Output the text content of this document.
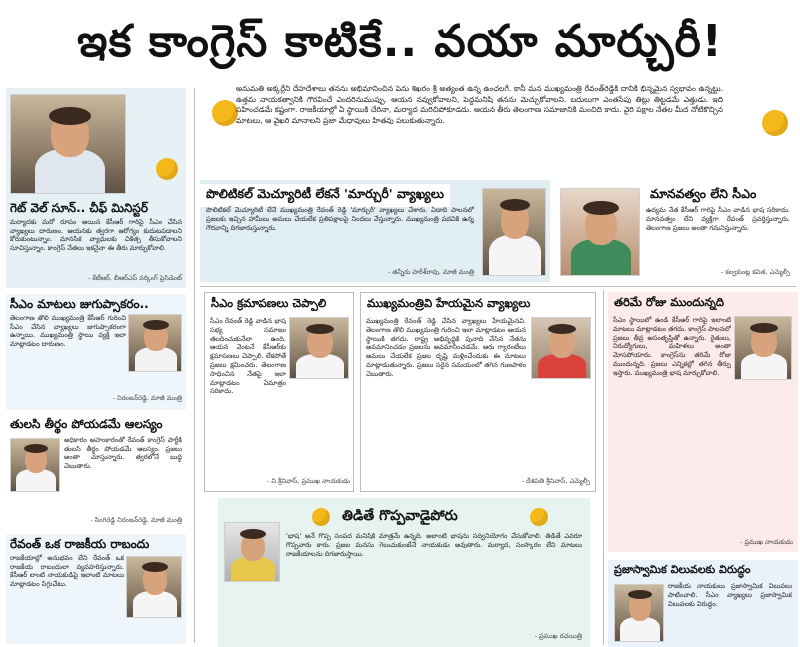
ఇక కాంగ్రెస్ కాటికే.. వయా మార్చురీ!
గెట్ వెల్ సూన్.. చీఫ్ మినిస్టర్
మర్యాదకు మరో రూపం అయిన కేసీఆర్ గారిపై సీఎం చేసిన వ్యాఖ్యలు దారుణం. ఆయనకు త్వరగా ఆరోగ్యం కుదుటపడాలని కోరుకుంటున్నాం. మానసిక వ్యాధులకు చికిత్స తీసుకోవాలని సూచిస్తున్నాం. కాంగ్రెస్ నేతలు ఇకనైనా ఈ తీరు మార్చుకోవాలి.
- కేటీఆర్, బీఆర్‌ఎస్ వర్కింగ్ ప్రెసిడెంట్
సీఎం మాటలు జుగుప్సాకరం..
తెలంగాణ తొలి ముఖ్యమంత్రి కేసీఆర్ గురించి సీఎం చేసిన వ్యాఖ్యలు జుగుప్సాకరంగా ఉన్నాయి. ముఖ్యమంత్రి స్థాయి వ్యక్తి ఇలా మాట్లాడటం దారుణం.
- నిరంజన్‌రెడ్డి, మాజీ మంత్రి
తులసి తీర్థం పోయడమే ఆలస్యం
అధికారం అహంకారంతో రేవంత్ కాంగ్రెస్ పార్టీకి తులసి తీర్థం పోయడమే ఆలస్యం. ప్రజలు అంతా చూస్తున్నారు. త్వరలోనే బుద్ధి చెబుతారు.
- సింగిరెడ్డి నిరంజన్‌రెడ్డి, మాజీ మంత్రి
రేవంత్ ఒక రాజకీయ రాబందు
రాజకీయాల్లో అనుభవం లేని రేవంత్ ఒక రాజకీయ రాబందులా వ్యవహరిస్తున్నారు. కేసీఆర్ లాంటి నాయకుడిపై ఇలాంటి మాటలు మాట్లాడటం సిగ్గుచేటు.
అనుమతి అక్కర్లేని దేహదేశాలు తనను అభిమానించిన పెను శిఖరం శ్రీ అత్యంత ఉన్న ఉంచలగే. కానీ మన ముఖ్యమంత్రి రేవంత్‌రెడ్డికి దానికి భిన్నమైన స్వభావం ఉన్నట్టు. ఉత్తమ నాయకత్వానికి గౌరవించే ఎందరినుముప్పు. ఆయన నవ్వుకోవాలని, పెద్దమనిషి తనను మెచ్చుకోవాలని. బదులుగా ఎంతసేపు తిట్లు తిట్టడమే ఎత్తుడు. ఇది సహించడమే కష్టంగా. రాజకీయాల్లో ఏ స్థాయికి చేరినా, మర్యాద మరిచిపోకూడదు. ఆయన తీరు తెలంగాణ సమాజానికి మంచిది కాదు. వైరి పక్షాల నేతల మీద నోటికొచ్చిన మాటలు, ఆ వైఖరి మానాలని ప్రజా మేధావులు హితవు పలుకుతున్నారు.
పొలిటికల్ మెచ్యూరిటీ లేకనే 'మార్చురీ' వ్యాఖ్యలు
పొలిటికల్ మెచ్యూరిటీ లేనే ముఖ్యమంత్రి రేవంత్ రెడ్డి 'మార్చురీ' వ్యాఖ్యలు చేశారు. ఏడాది పాలనలో ప్రజలకు ఇచ్చిన హామీలు అమలు చేయలేక ప్రతిపక్షాలపై నిందలు వేస్తున్నారు. ముఖ్యమంత్రి పదవికి ఉన్న గౌరవాన్ని దిగజారుస్తున్నారు.
- తన్నీరు హరీశ్‌రావు, మాజీ మంత్రి
మానవత్వం లేని సీఎం
ఉద్యమ నేత కేసీఆర్ గారిపై సీఎం వాడిన భాష సరికాదు. మానవత్వం లేని వ్యక్తిగా రేవంత్ ప్రవర్తిస్తున్నారు. తెలంగాణ ప్రజలు అంతా గమనిస్తున్నారు.
- కల్వకుంట్ల కవిత, ఎమ్మెల్సీ
సీఎం క్రమాపణలు చెప్పాలి
సీఎం రేవంత్ రెడ్డి వాడిన భాష సభ్య సమాజం తలదించుకునేలా ఉంది. ఆయన వెంటనే కేసీఆర్‌కు క్షమాపణలు చెప్పాలి. లేకపోతే ప్రజలు క్షమించరు. తెలంగాణ సాధించిన నేతపై ఇలా మాట్లాడటం ఏమాత్రం సరికాదు.
- వి.శ్రీనివాస్, ప్రముఖ నాయకుడు
ముఖ్యమంత్రివి హేయమైన వ్యాఖ్యలు
ముఖ్యమంత్రి రేవంత్ రెడ్డి చేసిన వ్యాఖ్యలు హేయమైనవి. తెలంగాణ తొలి ముఖ్యమంత్రి గురించి ఇలా మాట్లాడటం ఆయన స్థాయికి తగదు. రాష్ట్ర అభివృద్ధికి పునాది వేసిన నేతను అవమానించడం ప్రజలను అవమానించడమే. ఆరు గ్యారంటీలు అమలు చేయలేక ప్రజల దృష్టి మళ్లించేందుకు ఈ మాటలు మాట్లాడుతున్నారు. ప్రజలు సరైన సమయంలో తగిన గుణపాఠం చెబుతారు.
- దేశపతి శ్రీనివాస్, ఎమ్మెల్సీ
తిడితే గొప్పవాడైపోరు
'భాష' అనే గొప్ప సంపద మనిషికి మాత్రమే ఉన్నది. అలాంటి భాషను సద్వినియోగం చేసుకోవాలి. తిడితే ఎవరూ గొప్పవారు కారు. ప్రజల మనసు గెలుచుకుంటేనే నాయకుడు అవుతారు. మర్యాద, సంస్కారం లేని మాటలు రాజకీయాలను దిగజారుస్తాయి.
- ప్రముఖ రచయిత్రి
తరిమే రోజు ముందున్నది
సీఎం స్థాయిలో ఉండి కేసీఆర్ గారిపై ఇలాంటి మాటలు మాట్లాడటం తగదు. కాంగ్రెస్ పాలనలో ప్రజలు తీవ్ర అసంతృప్తితో ఉన్నారు. రైతులు, నిరుద్యోగులు, మహిళలు అంతా మోసపోయారు. కాంగ్రెస్‌ను తరిమే రోజు ముందున్నది. ప్రజలు ఎన్నికల్లో తగిన తీర్పు ఇస్తారు. ముఖ్యమంత్రి భాష మార్చుకోవాలి.
- ప్రముఖ నాయకుడు
ప్రజాస్వామిక విలువలకు విరుద్ధం
రాజకీయ నాయకులు ప్రజాస్వామిక విలువలు పాటించాలి. సీఎం వ్యాఖ్యలు ప్రజాస్వామిక విలువలకు విరుద్ధం.
